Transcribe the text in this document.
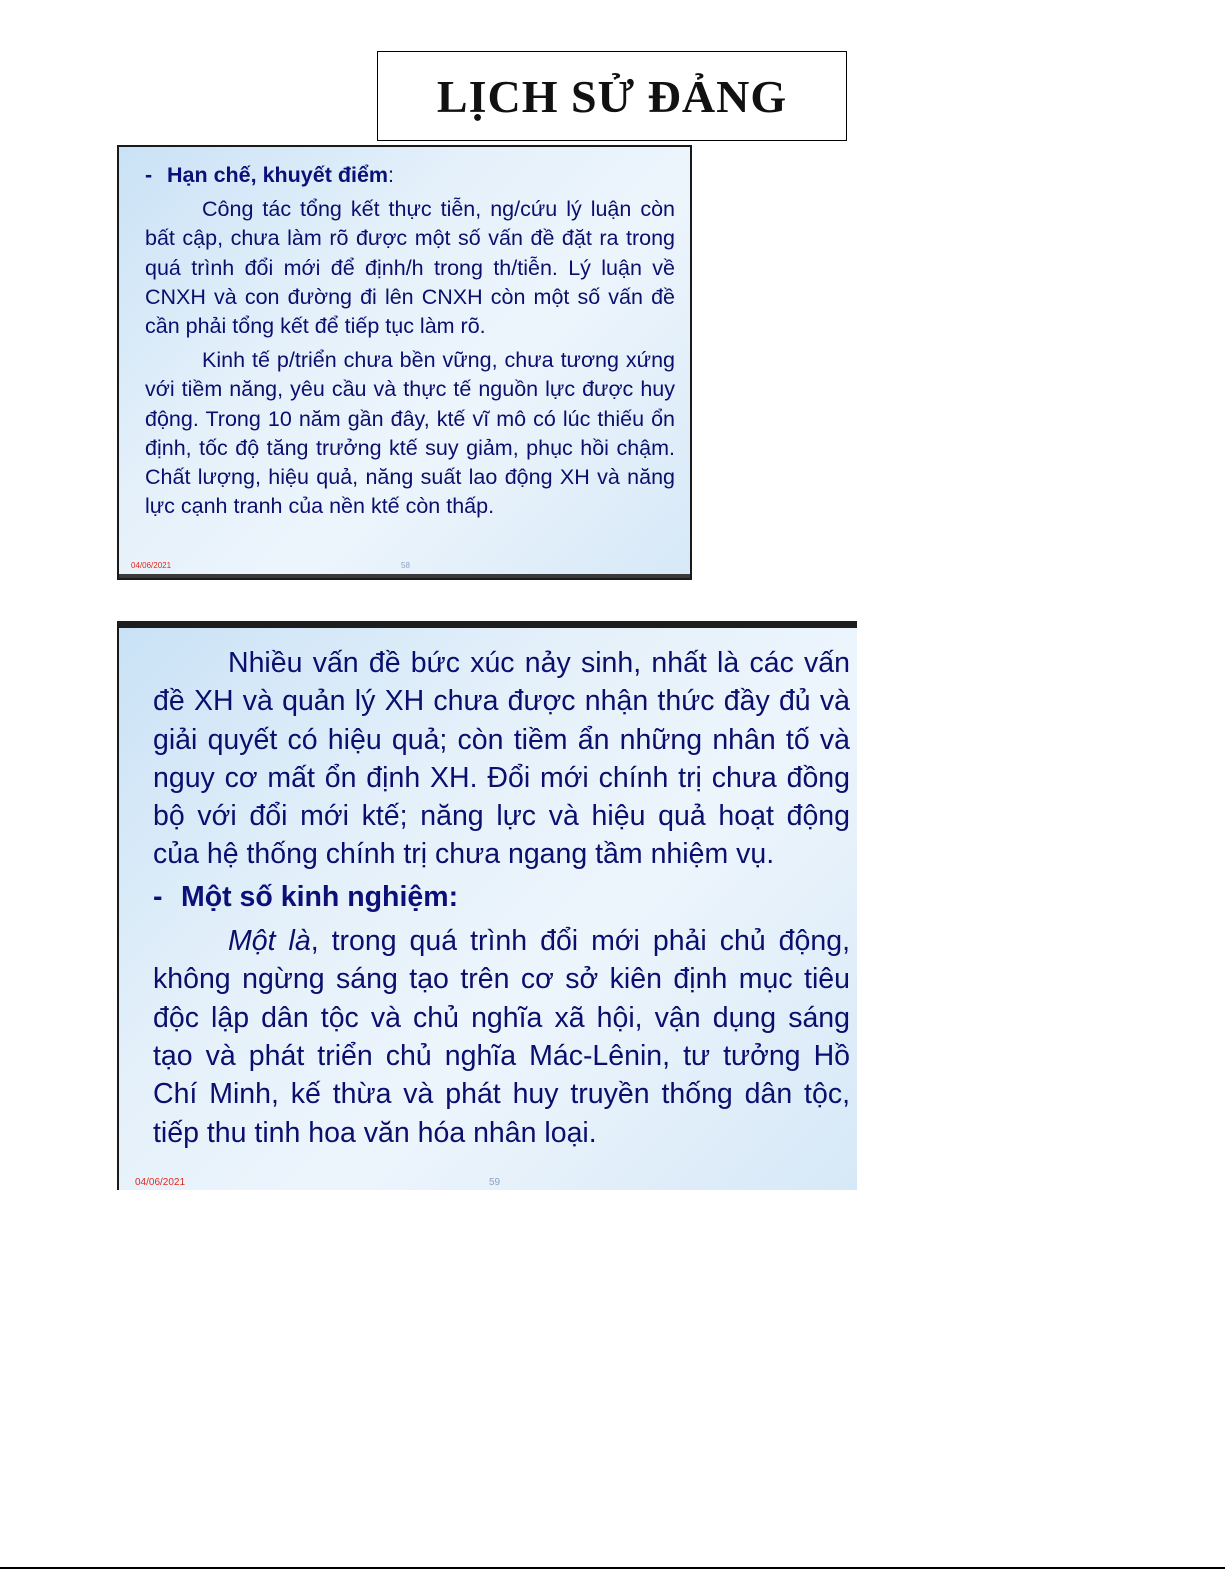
LỊCH SỬ ĐẢNG
- Hạn chế, khuyết điểm:

Công tác tổng kết thực tiễn, ng/cứu lý luận còn bất cập, chưa làm rõ được một số vấn đề đặt ra trong quá trình đổi mới để định/h trong th/tiễn. Lý luận về CNXH và con đường đi lên CNXH còn một số vấn đề cần phải tổng kết để tiếp tục làm rõ.

Kinh tế p/triển chưa bền vững, chưa tương xứng với tiềm năng, yêu cầu và thực tế nguồn lực được huy động. Trong 10 năm gần đây, ktế vĩ mô có lúc thiếu ổn định, tốc độ tăng trưởng ktế suy giảm, phục hồi chậm. Chất lượng, hiệu quả, năng suất lao động XH và năng lực cạnh tranh của nền ktế còn thấp.

04/06/2021	58

Nhiều vấn đề bức xúc nảy sinh, nhất là các vấn đề XH và quản lý XH chưa được nhận thức đầy đủ và giải quyết có hiệu quả; còn tiềm ẩn những nhân tố và nguy cơ mất ổn định XH. Đổi mới chính trị chưa đồng bộ với đổi mới ktế; năng lực và hiệu quả hoạt động của hệ thống chính trị chưa ngang tầm nhiệm vụ.

- Một số kinh nghiệm:

Một là, trong quá trình đổi mới phải chủ động, không ngừng sáng tạo trên cơ sở kiên định mục tiêu độc lập dân tộc và chủ nghĩa xã hội, vận dụng sáng tạo và phát triển chủ nghĩa Mác-Lênin, tư tưởng Hồ Chí Minh, kế thừa và phát huy truyền thống dân tộc, tiếp thu tinh hoa văn hóa nhân loại.

04/06/2021	59
